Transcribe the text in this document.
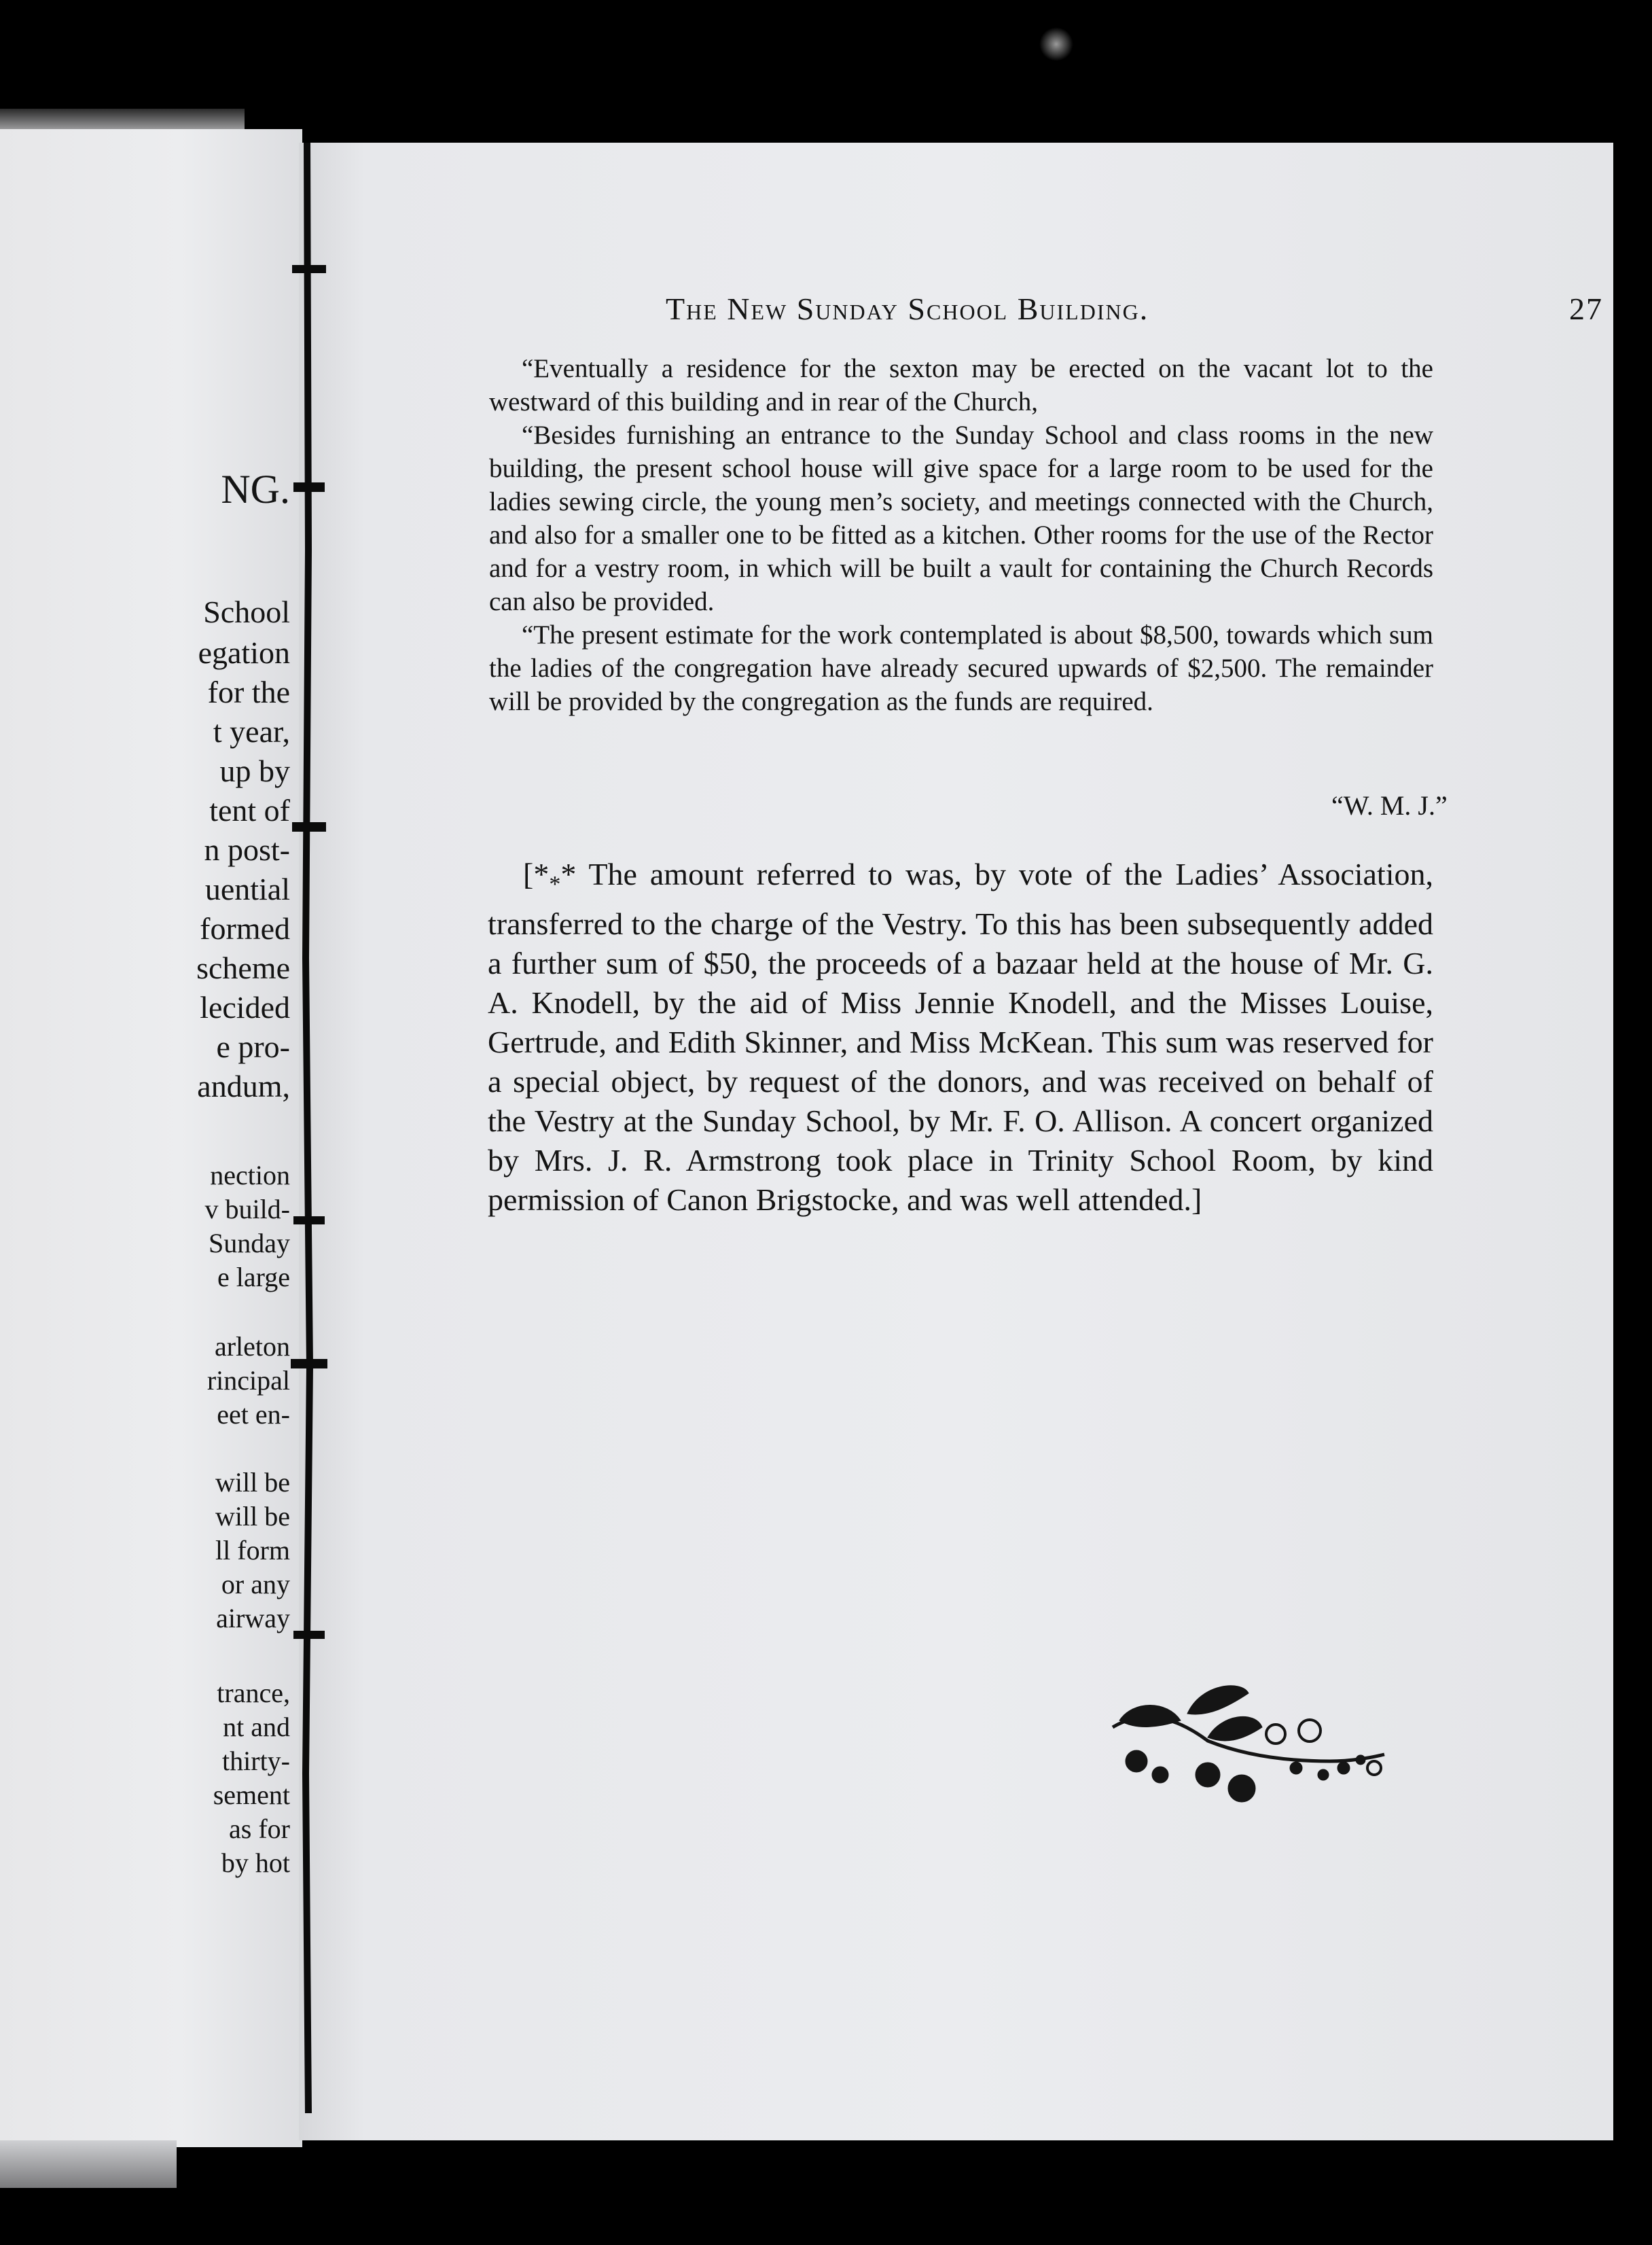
NG.

School

egation

for the

t year,

up by

tent of

n post-

uential

formed

scheme

lecided

e pro-

andum,

nection

v build-

Sunday

e large

arleton

rincipal

eet en-

will be

will be

ll form

or any

airway

trance,

nt and

thirty-

sement

as for

by hot

The New Sunday School Building.	27

“Eventually a residence for the sexton may be erected on the vacant lot to the westward of this building and in rear of the Church,

“Besides furnishing an entrance to the Sunday School and class rooms in the new building, the present school house will give space for a large room to be used for the ladies sewing circle, the young men’s society, and meetings connected with the Church, and also for a smaller one to be fitted as a kitchen. Other rooms for the use of the Rector and for a vestry room, in which will be built a vault for containing the Church Records can also be provided.

“The present estimate for the work contemplated is about $8,500, towards which sum the ladies of the congregation have already secured upwards of $2,500. The remainder will be provided by the congregation as the funds are required.

“W. M. J.”

[$*_**$ The amount referred to was, by vote of the Ladies’ Association, transferred to the charge of the Vestry. To this has been subsequently added a further sum of $50, the proceeds of a bazaar held at the house of Mr. G. A. Knodell, by the aid of Miss Jennie Knodell, and the Misses Louise, Gertrude, and Edith Skinner, and Miss McKean. This sum was reserved for a special object, by request of the donors, and was received on behalf of the Vestry at the Sunday School, by Mr. F. O. Allison. A concert organized by Mrs. J. R. Armstrong took place in Trinity School Room, by kind permission of Canon Brigstocke, and was well attended.]
